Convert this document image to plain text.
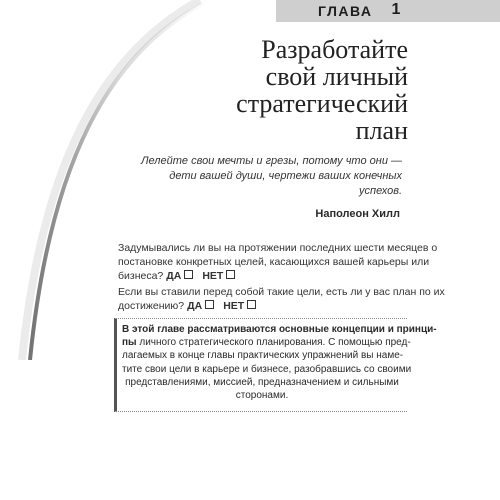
ГЛАВА	1
Разработайте
свой личный
стратегический
план
Лелейте свои мечты и грезы, потому что они —
дети вашей души, чертежи ваших конечных
успехов.
Наполеон Хилл
Задумывались ли вы на протяжении последних шести месяцев о
постановке конкретных целей, касающихся вашей карьеры или
бизнеса? ДА НЕТ
Если вы ставили перед собой такие цели, есть ли у вас план по их
достижению? ДА НЕТ
В этой главе рассматриваются основные концепции и принци-
пы личного стратегического планирования. С помощью пред-
лагаемых в конце главы практических упражнений вы наме-
тите свои цели в карьере и бизнесе, разобравшись со своими
представлениями, миссией, предназначением и сильными
сторонами.
